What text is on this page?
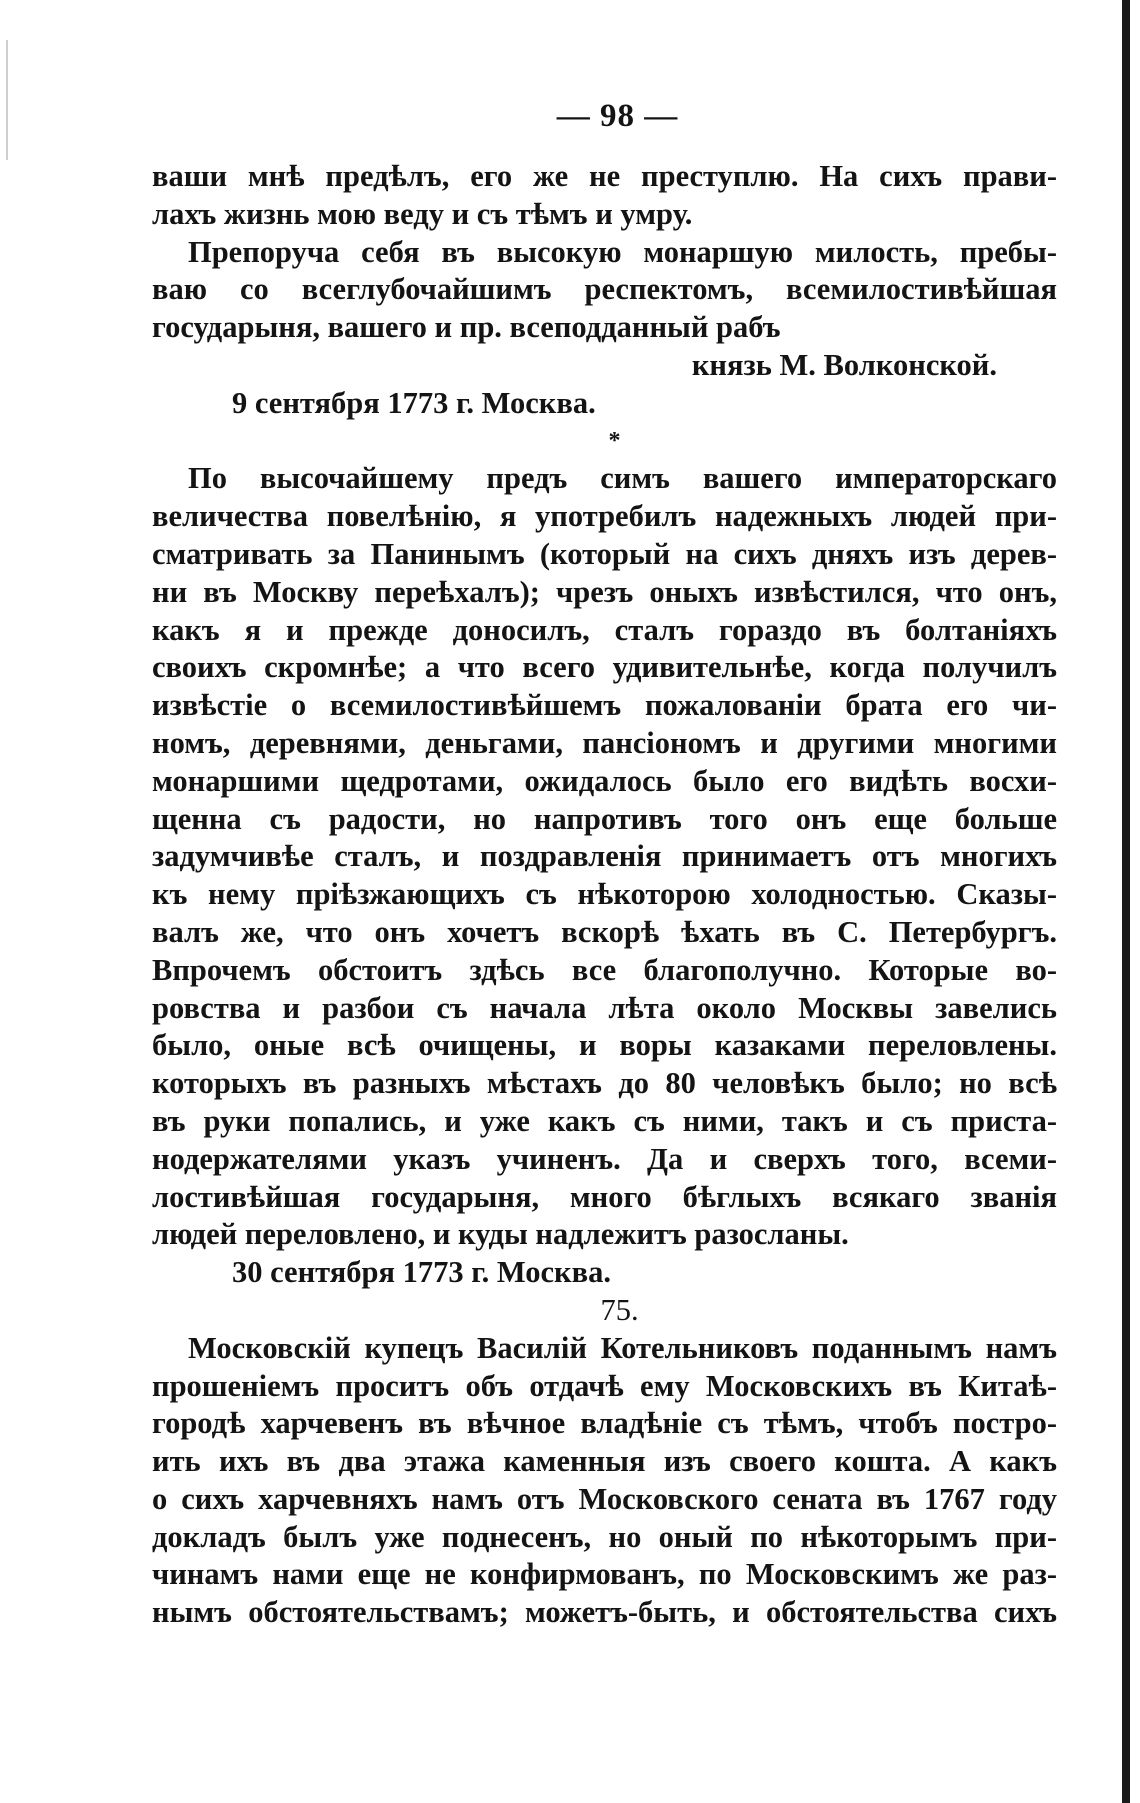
— 98 —
ваши мнѣ предѣлъ, его же не преступлю. На сихъ прави-
лахъ жизнь мою веду и съ тѣмъ и умру.
Препоруча себя въ высокую монаршую милость, пребы-
ваю со всеглубочайшимъ респектомъ, всемилостивѣйшая
государыня, вашего и пр. всеподданный рабъ
князь М. Волконской.
9 сентября 1773 г. Москва.
*
По высочайшему предъ симъ вашего императорскаго
величества повелѣнію, я употребилъ надежныхъ людей при-
сматривать за Панинымъ (который на сихъ дняхъ изъ дерев-
ни въ Москву переѣхалъ); чрезъ оныхъ извѣстился, что онъ,
какъ я и прежде доносилъ, сталъ гораздо въ болтаніяхъ
своихъ скромнѣе; а что всего удивительнѣе, когда получилъ
извѣстіе о всемилостивѣйшемъ пожалованіи брата его чи-
номъ, деревнями, деньгами, пансіономъ и другими многими
монаршими щедротами, ожидалось было его видѣть восхи-
щенна съ радости, но напротивъ того онъ еще больше
задумчивѣе сталъ, и поздравленія принимаетъ отъ многихъ
къ нему пріѣзжающихъ съ нѣкоторою холодностью. Сказы-
валъ же, что онъ хочетъ вскорѣ ѣхать въ С. Петербургъ.
Впрочемъ обстоитъ здѣсь все благополучно. Которые во-
ровства и разбои съ начала лѣта около Москвы завелись
было, оные всѣ очищены, и воры казаками переловлены.
которыхъ въ разныхъ мѣстахъ до 80 человѣкъ было; но всѣ
въ руки попались, и уже какъ съ ними, такъ и съ приста-
нодержателями указъ учиненъ. Да и сверхъ того, всеми-
лостивѣйшая государыня, много бѣглыхъ всякаго званія
людей переловлено, и куды надлежитъ разосланы.
30 сентября 1773 г. Москва.
75.
Московскій купецъ Василій Котельниковъ поданнымъ намъ
прошеніемъ проситъ объ отдачѣ ему Московскихъ въ Китаѣ-
городѣ харчевенъ въ вѣчное владѣніе съ тѣмъ, чтобъ постро-
ить ихъ въ два этажа каменныя изъ своего кошта. А какъ
о сихъ харчевняхъ намъ отъ Московского сената въ 1767 году
докладъ былъ уже поднесенъ, но оный по нѣкоторымъ при-
чинамъ нами еще не конфирмованъ, по Московскимъ же раз-
нымъ обстоятельствамъ; можетъ-быть, и обстоятельства сихъ
